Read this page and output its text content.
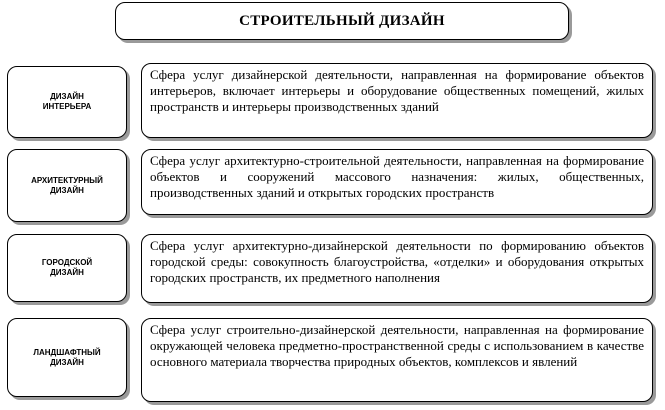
СТРОИТЕЛЬНЫЙ ДИЗАЙН
ДИЗАЙН
ИНТЕРЬЕРА
Сфера услуг дизайнерской деятельности, направленная на формирование объектов интерьеров, включает интерьеры и оборудование общественных помещений, жилых пространств и интерьеры производственных зданий
АРХИТЕКТУРНЫЙ
ДИЗАЙН
Сфера услуг архитектурно-строительной деятельности, направленная на формирование объектов и сооружений массового назначения: жилых, общественных, производственных зданий и открытых городских пространств
ГОРОДСКОЙ
ДИЗАЙН
Сфера услуг архитектурно-дизайнерской деятельности по формированию объектов городской среды: совокупность благоустройства, «отделки» и оборудования открытых городских пространств, их предметного наполнения
ЛАНДШАФТНЫЙ
ДИЗАЙН
Сфера услуг строительно-дизайнерской деятельности, направленная на формирование окружающей человека предметно-пространственной среды с использованием в качестве основного материала творчества природных объектов, комплексов и явлений
